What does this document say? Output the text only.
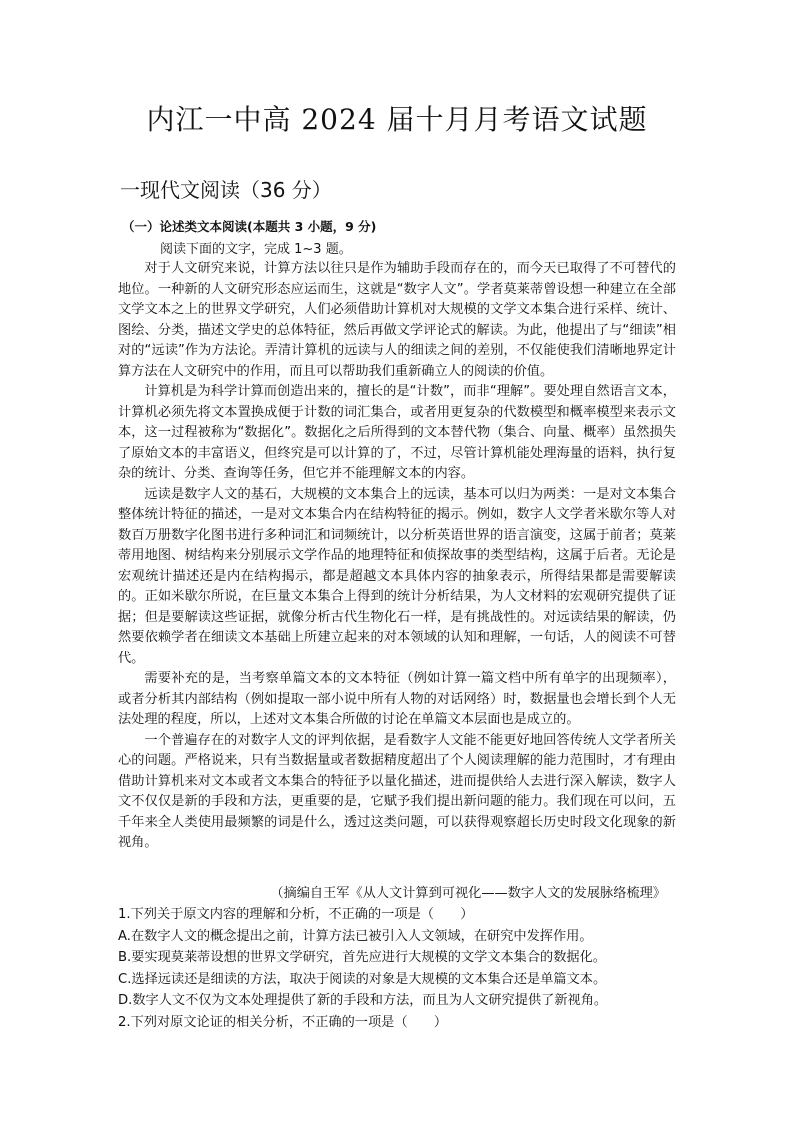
内江一中高 2024 届十月月考语文试题
一现代文阅读（36 分）
（一）论述类文本阅读(本题共 3 小题，9 分)
阅读下面的文字，完成 1~3 题。

对于人文研究来说，计算方法以往只是作为辅助手段而存在的，而今天已取得了不可替代的地位。一种新的人文研究形态应运而生，这就是“数字人文”。学者莫莱蒂曾设想一种建立在全部文学文本之上的世界文学研究，人们必须借助计算机对大规模的文学文本集合进行采样、统计、图绘、分类，描述文学史的总体特征，然后再做文学评论式的解读。为此，他提出了与“细读”相对的“远读”作为方法论。弄清计算机的远读与人的细读之间的差别，不仅能使我们清晰地界定计算方法在人文研究中的作用，而且可以帮助我们重新确立人的阅读的价值。

计算机是为科学计算而创造出来的，擅长的是“计数”，而非“理解”。要处理自然语言文本，计算机必须先将文本置换成便于计数的词汇集合，或者用更复杂的代数模型和概率模型来表示文本，这一过程被称为“数据化”。数据化之后所得到的文本替代物（集合、向量、概率）虽然损失了原始文本的丰富语义，但终究是可以计算的了，不过，尽管计算机能处理海量的语料，执行复杂的统计、分类、查询等任务，但它并不能理解文本的内容。

远读是数字人文的基石，大规模的文本集合上的远读，基本可以归为两类：一是对文本集合整体统计特征的描述，一是对文本集合内在结构特征的揭示。例如，数字人文学者米歇尔等人对数百万册数字化图书进行多种词汇和词频统计，以分析英语世界的语言演变，这属于前者；莫莱蒂用地图、树结构来分别展示文学作品的地理特征和侦探故事的类型结构，这属于后者。无论是宏观统计描述还是内在结构揭示，都是超越文本具体内容的抽象表示，所得结果都是需要解读的。正如米歇尔所说，在巨量文本集合上得到的统计分析结果，为人文材料的宏观研究提供了证据；但是要解读这些证据，就像分析古代生物化石一样，是有挑战性的。对远读结果的解读，仍然要依赖学者在细读文本基础上所建立起来的对本领域的认知和理解，一句话，人的阅读不可替代。

需要补充的是，当考察单篇文本的文本特征（例如计算一篇文档中所有单字的出现频率），或者分析其内部结构（例如提取一部小说中所有人物的对话网络）时，数据量也会增长到个人无法处理的程度，所以，上述对文本集合所做的讨论在单篇文本层面也是成立的。

一个普遍存在的对数字人文的评判依据，是看数字人文能不能更好地回答传统人文学者所关心的问题。严格说来，只有当数据量或者数据精度超出了个人阅读理解的能力范围时，才有理由借助计算机来对文本或者文本集合的特征予以量化描述，进而提供给人去进行深入解读，数字人文不仅仅是新的手段和方法，更重要的是，它赋予我们提出新问题的能力。我们现在可以问，五千年来全人类使用最频繁的词是什么，透过这类问题，可以获得观察超长历史时段文化现象的新视角。

（摘编自王军《从人文计算到可视化——数字人文的发展脉络梳理》
1.下列关于原文内容的理解和分析，不正确的一项是（　　）
A.在数字人文的概念提出之前，计算方法已被引入人文领域，在研究中发挥作用。
B.要实现莫莱蒂设想的世界文学研究，首先应进行大规模的文学文本集合的数据化。
C.选择远读还是细读的方法，取决于阅读的对象是大规模的文本集合还是单篇文本。
D.数字人文不仅为文本处理提供了新的手段和方法，而且为人文研究提供了新视角。
2.下列对原文论证的相关分析，不正确的一项是（　　）
